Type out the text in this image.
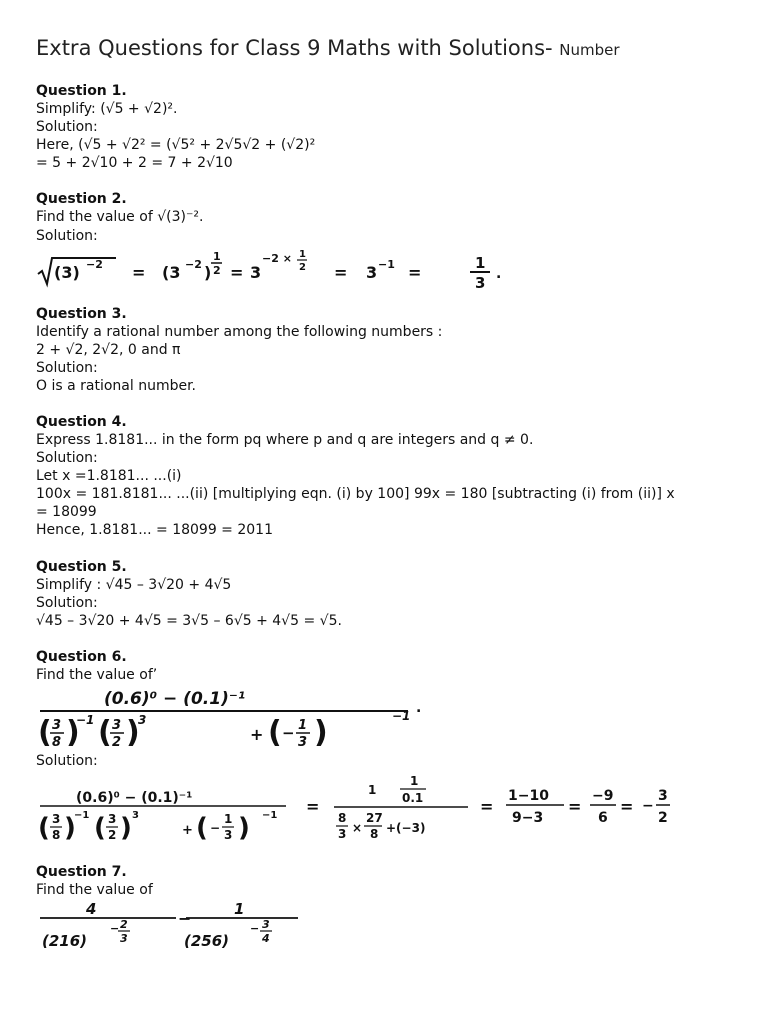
Extra Questions for Class 9 Maths with Solutions- Number
Question 1.
Simplify: (√5 + √2)².
Solution:
Here, (√5 + √2² = (√5² + 2√5√2 + (√2)²
= 5 + 2√10 + 2 = 7 + 2√10
Question 2.
Find the value of √(3)⁻².
Solution:
(3) −2 = (3 −2 )
1
2 = 3
−2 × 1
2 = 3 −1 =	1
3 .
Question 3.
Identify a rational number among the following numbers :
2 + √2, 2√2, 0 and π
Solution:
O is a rational number.
Question 4.
Express 1.8181... in the form pq where p and q are integers and q ≠ 0.
Solution:
Let x =1.8181... ...(i)
100x = 181.8181... ...(ii) [multiplying eqn. (i) by 100] 99x = 180 [subtracting (i) from (ii)] x
= 18099
Hence, 1.8181... = 18099 = 2011
Question 5.
Simplify : √45 – 3√20 + 4√5
Solution:
√45 – 3√20 + 4√5 = 3√5 – 6√5 + 4√5 = √5.
Question 6.
Find the value of’
(0.6)⁰ − (0.1)⁻¹
( 3
8 )
−1 ( 3
2 )
3
+ ( − 1
3 )	−1 .
Solution:
(0.6)⁰ − (0.1)⁻¹
( 3
8 )
−1 ( 3
2 ) 3
+ ( −
1
3 ) −1 =
1
1
0.1
8
3 ×
27
8 +(−3)
=
1−10
9−3
=
−9
6
= −
3
2
Question 7.
Find the value of
4
(216)
− 2
3
−	1
(256)
− 3
4
